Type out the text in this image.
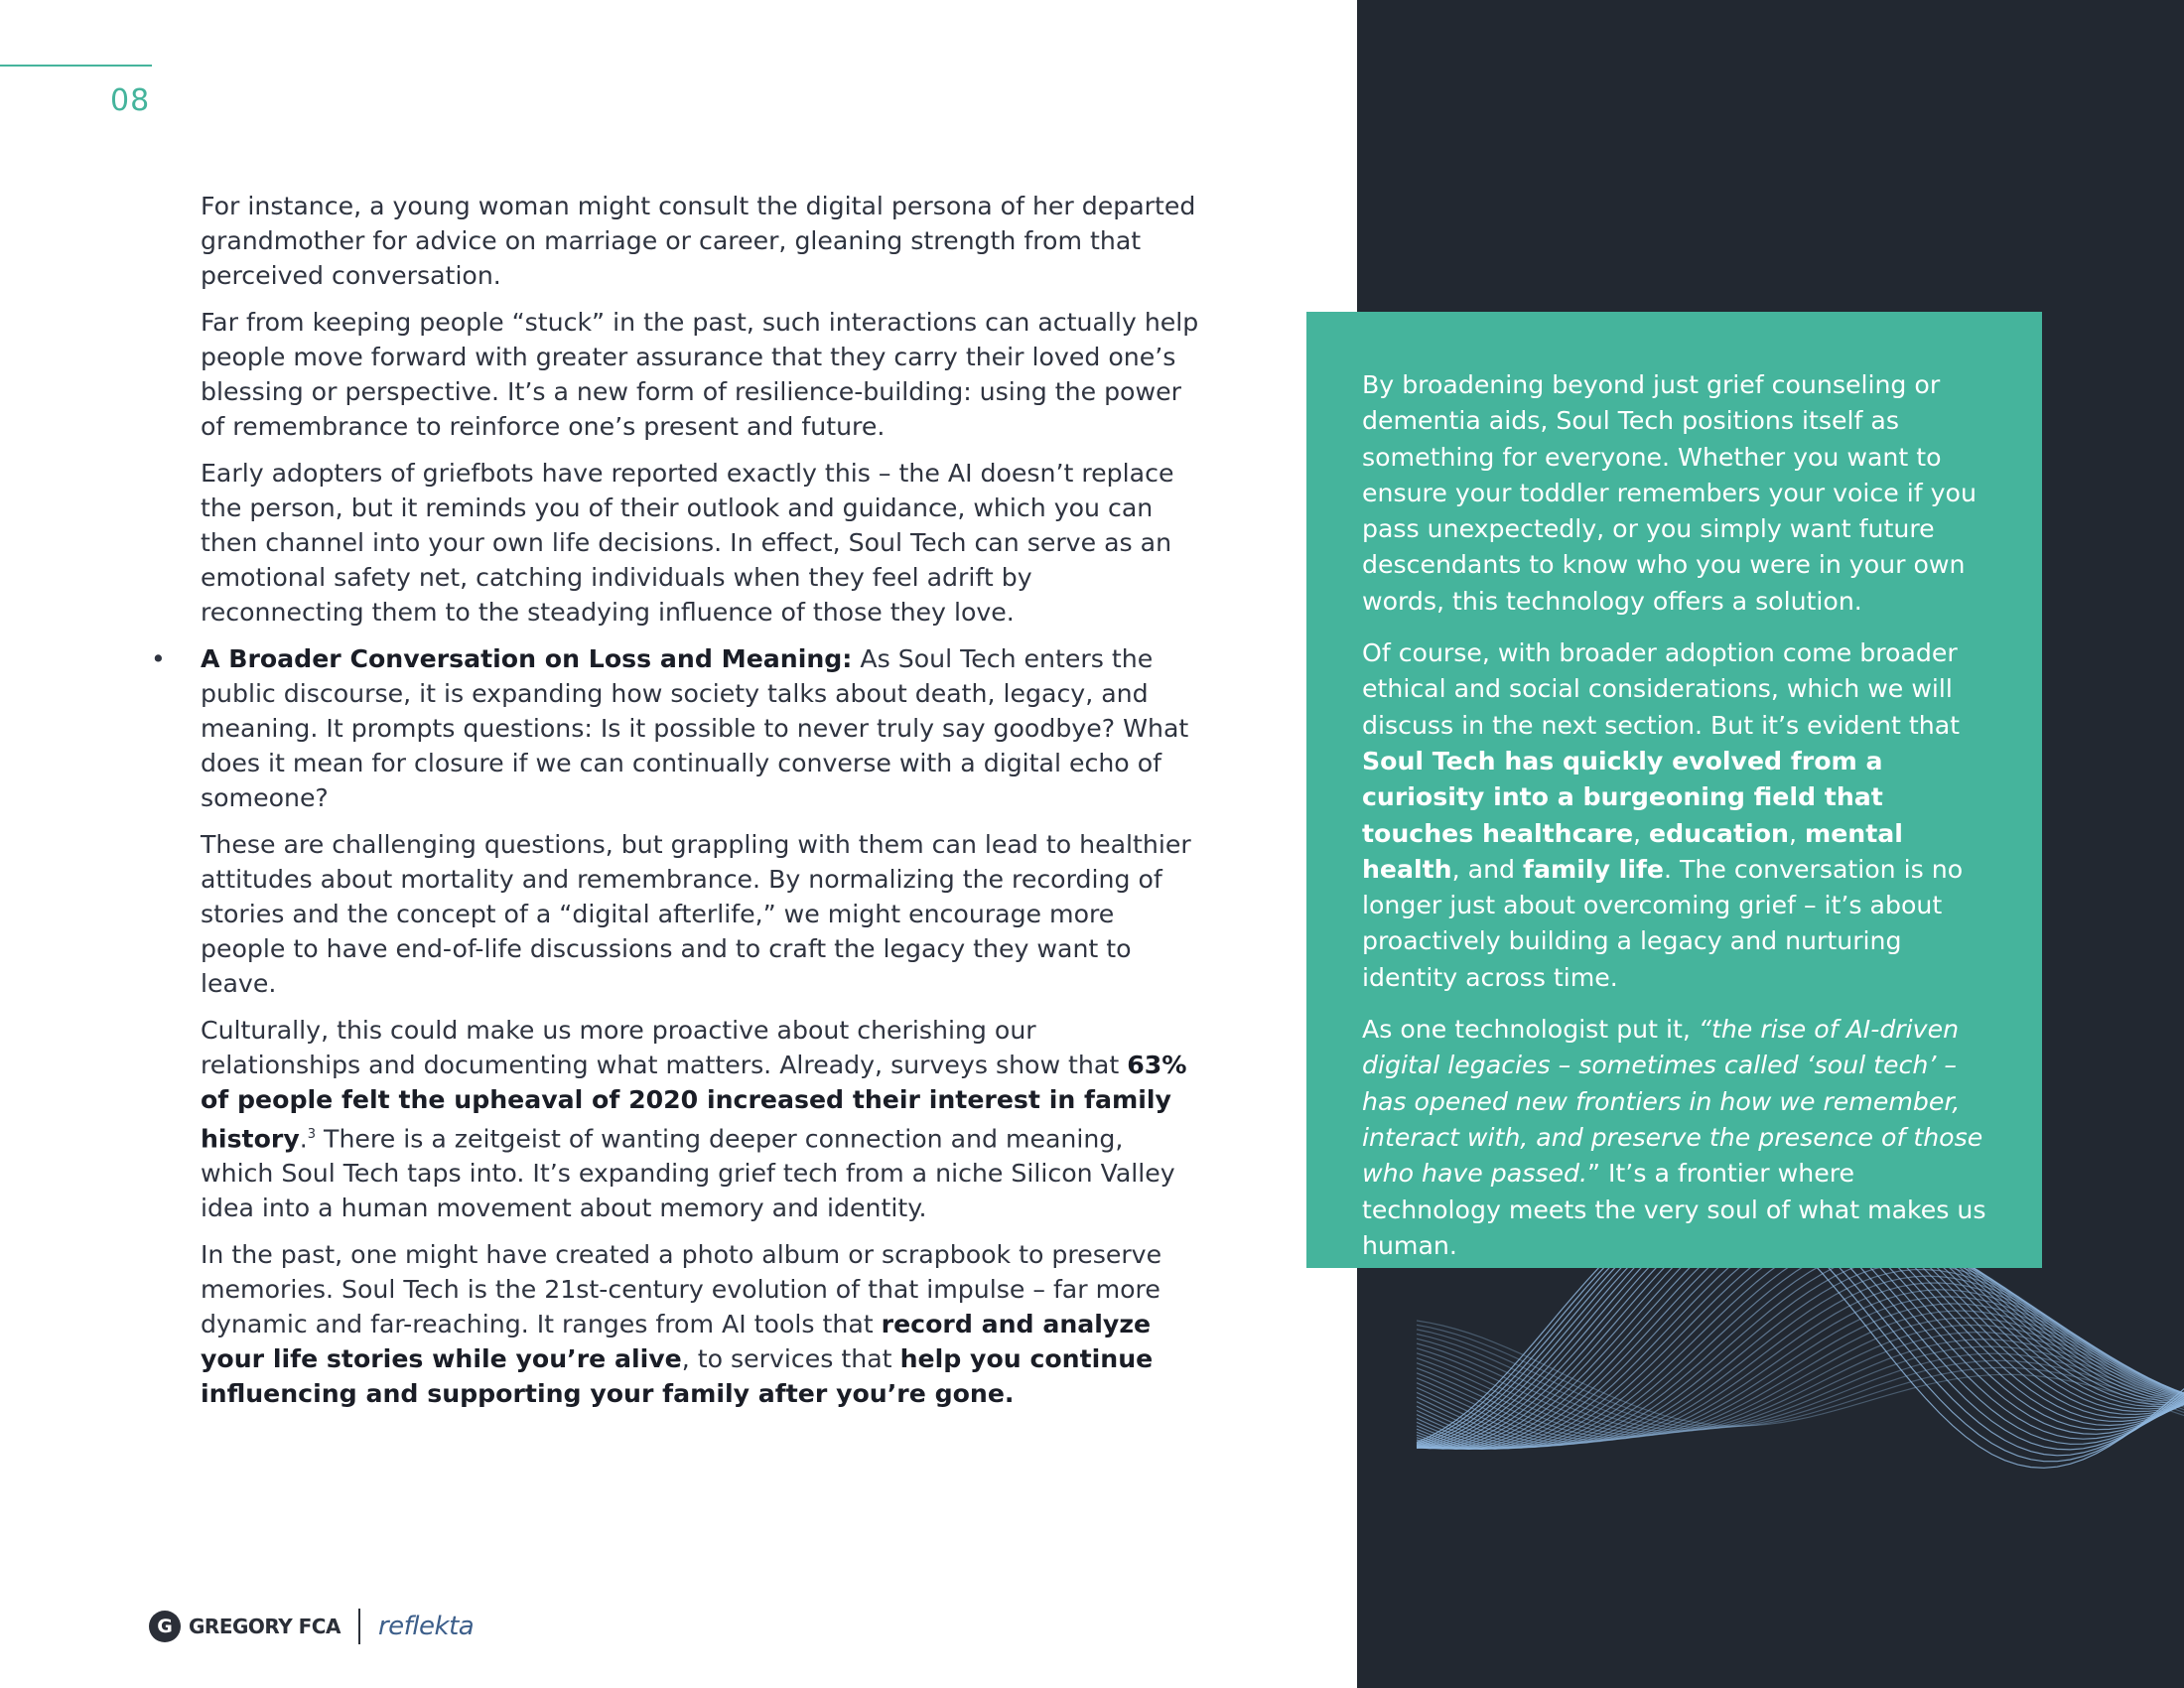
08

For instance, a young woman might consult the digital persona of her departed grandmother for advice on marriage or career, gleaning strength from that perceived conversation.

Far from keeping people “stuck” in the past, such interactions can actually help people move forward with greater assurance that they carry their loved one’s blessing or perspective. It’s a new form of resilience-building: using the power of remembrance to reinforce one’s present and future.

Early adopters of griefbots have reported exactly this – the AI doesn’t replace the person, but it reminds you of their outlook and guidance, which you can then channel into your own life decisions. In effect, Soul Tech can serve as an emotional safety net, catching individuals when they feel adrift by reconnecting them to the steadying influence of those they love.

• A Broader Conversation on Loss and Meaning: As Soul Tech enters the public discourse, it is expanding how society talks about death, legacy, and meaning. It prompts questions: Is it possible to never truly say goodbye? What does it mean for closure if we can continually converse with a digital echo of someone?

These are challenging questions, but grappling with them can lead to healthier attitudes about mortality and remembrance. By normalizing the recording of stories and the concept of a “digital afterlife,” we might encourage more people to have end-of-life discussions and to craft the legacy they want to leave.

Culturally, this could make us more proactive about cherishing our relationships and documenting what matters. Already, surveys show that 63% of people felt the upheaval of 2020 increased their interest in family history.$^3$ There is a zeitgeist of wanting deeper connection and meaning, which Soul Tech taps into. It’s expanding grief tech from a niche Silicon Valley idea into a human movement about memory and identity.

In the past, one might have created a photo album or scrapbook to preserve memories. Soul Tech is the 21st-century evolution of that impulse – far more dynamic and far-reaching. It ranges from AI tools that record and analyze your life stories while you’re alive, to services that help you continue influencing and supporting your family after you’re gone.

By broadening beyond just grief counseling or dementia aids, Soul Tech positions itself as something for everyone. Whether you want to ensure your toddler remembers your voice if you pass unexpectedly, or you simply want future descendants to know who you were in your own words, this technology offers a solution.

Of course, with broader adoption come broader ethical and social considerations, which we will discuss in the next section. But it’s evident that Soul Tech has quickly evolved from a curiosity into a burgeoning field that touches healthcare, education, mental health, and family life. The conversation is no longer just about overcoming grief – it’s about proactively building a legacy and nurturing identity across time.

As one technologist put it, “the rise of AI-driven digital legacies – sometimes called ‘soul tech’ – has opened new frontiers in how we remember, interact with, and preserve the presence of those who have passed.” It’s a frontier where technology meets the very soul of what makes us human.

G GREGORY FCA reflekta
